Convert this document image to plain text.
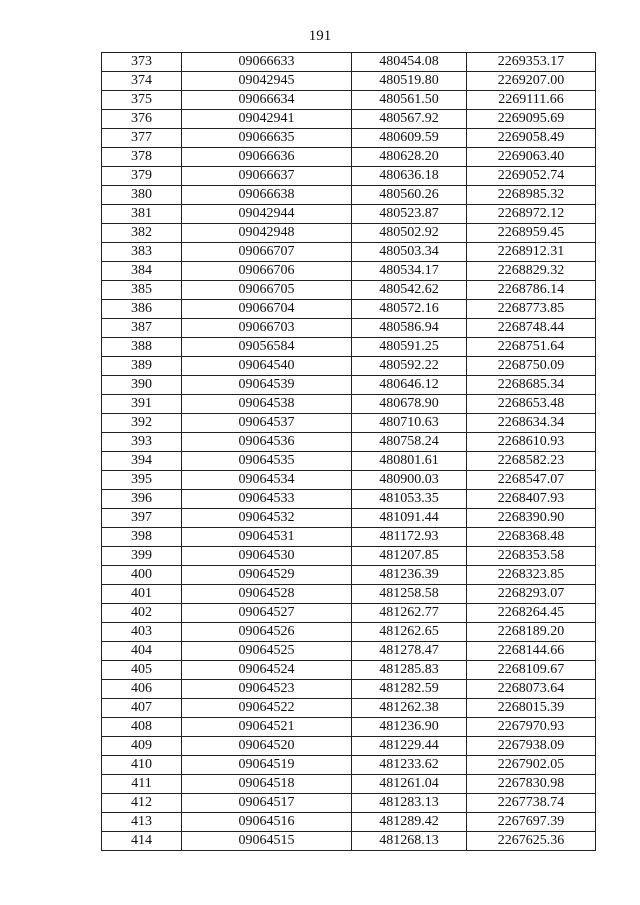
191
373	09066633	480454.08	2269353.17
374	09042945	480519.80	2269207.00
375	09066634	480561.50	2269111.66
376	09042941	480567.92	2269095.69
377	09066635	480609.59	2269058.49
378	09066636	480628.20	2269063.40
379	09066637	480636.18	2269052.74
380	09066638	480560.26	2268985.32
381	09042944	480523.87	2268972.12
382	09042948	480502.92	2268959.45
383	09066707	480503.34	2268912.31
384	09066706	480534.17	2268829.32
385	09066705	480542.62	2268786.14
386	09066704	480572.16	2268773.85
387	09066703	480586.94	2268748.44
388	09056584	480591.25	2268751.64
389	09064540	480592.22	2268750.09
390	09064539	480646.12	2268685.34
391	09064538	480678.90	2268653.48
392	09064537	480710.63	2268634.34
393	09064536	480758.24	2268610.93
394	09064535	480801.61	2268582.23
395	09064534	480900.03	2268547.07
396	09064533	481053.35	2268407.93
397	09064532	481091.44	2268390.90
398	09064531	481172.93	2268368.48
399	09064530	481207.85	2268353.58
400	09064529	481236.39	2268323.85
401	09064528	481258.58	2268293.07
402	09064527	481262.77	2268264.45
403	09064526	481262.65	2268189.20
404	09064525	481278.47	2268144.66
405	09064524	481285.83	2268109.67
406	09064523	481282.59	2268073.64
407	09064522	481262.38	2268015.39
408	09064521	481236.90	2267970.93
409	09064520	481229.44	2267938.09
410	09064519	481233.62	2267902.05
411	09064518	481261.04	2267830.98
412	09064517	481283.13	2267738.74
413	09064516	481289.42	2267697.39
414	09064515	481268.13	2267625.36
